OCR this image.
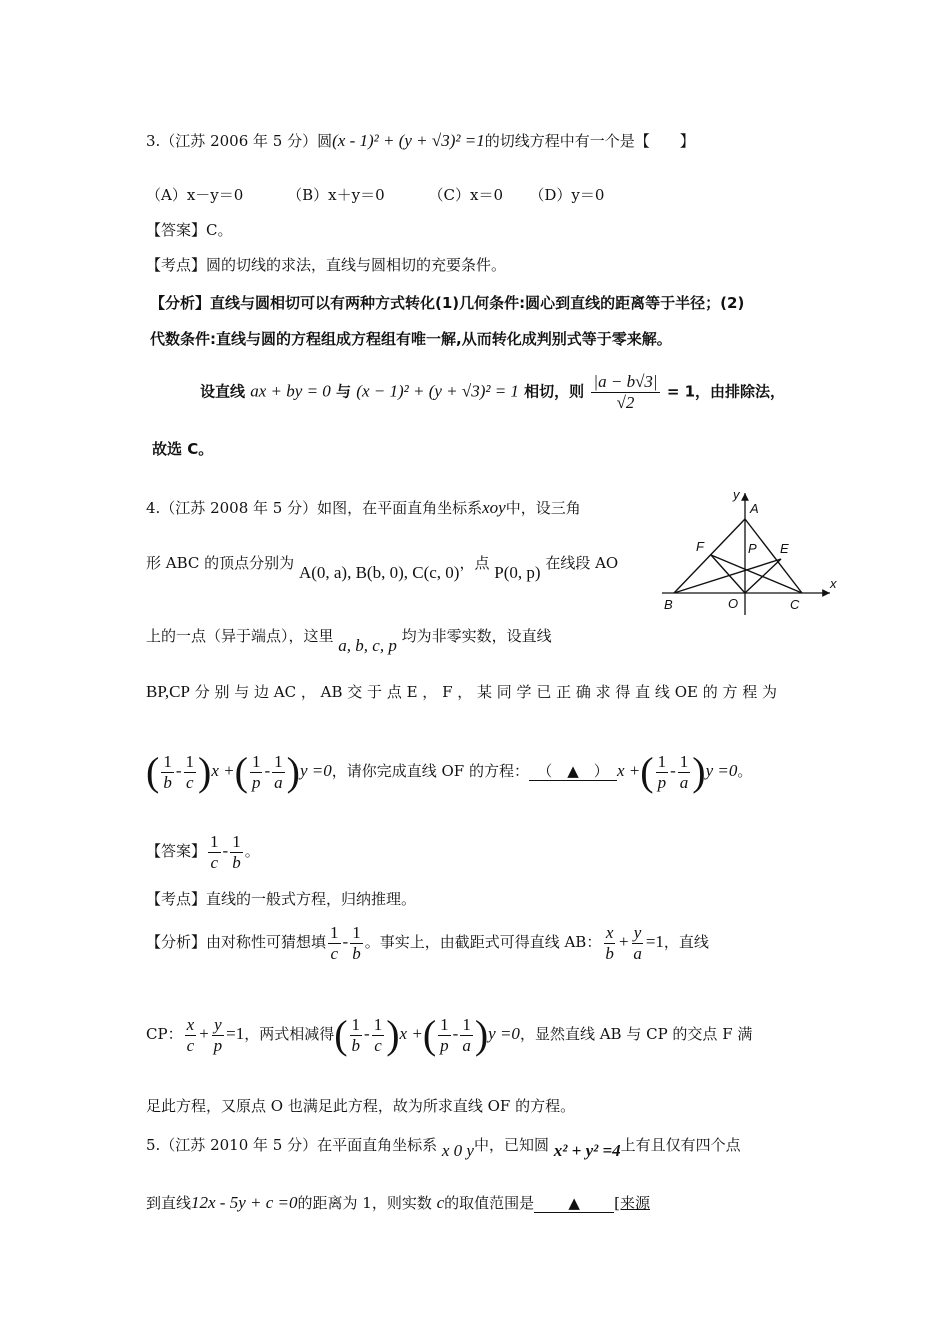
3.（江苏 2006 年 5 分）圆(x - 1)² + (y + √3)² =1的切线方程中有一个是【　　】
（A）x－y＝0	（B）x＋y＝0	（C）x＝0 （D）y＝0
【答案】C。
【考点】圆的切线的求法，直线与圆相切的充要条件。
【分析】直线与圆相切可以有两种方式转化(1)几何条件:圆心到直线的距离等于半径；(2)
代数条件:直线与圆的方程组成方程组有唯一解,从而转化成判别式等于零来解。
设直线 ax + by = 0 与 (x − 1)² + (y + √3)² = 1 相切，则 $\frac{|a - b√3|}{√2} = 1$，由排除法，
故选 C。
4.（江苏 2008 年 5 分）如图，在平面直角坐标系xoy中，设三角
形 ABC 的顶点分别为 A(0, a), B(b, 0), C(c, 0)，点 P(0, p) 在线段 AO
上的一点（异于端点），这里 a, b, c, p 均为非零实数，设直线
BP,CP 分 别 与 边 AC ， AB 交 于 点 E ， F ， 某 同 学 已 正 确 求 得 直 线 OE 的 方 程 为
( $\frac{1}{b} - \frac{1}{c} )x$ +( $\frac{1}{p} - \frac{1}{a} )y =0$，请你完成直线 OF 的方程： （　▲　） x +( $\frac{1}{p} - \frac{1}{a} )y =0$。
【答案】 $\frac{1}{c} - \frac{1}{b}$ 。
【考点】直线的一般式方程，归纳推理。
【分析】由对称性可猜想填 $\frac{1}{c} - \frac{1}{b}$ 。事实上，由截距式可得直线 AB： $\frac{x}{b} + \frac{y}{a} =1$，直线
CP： $\frac{x}{c} + \frac{y}{p} =1$，两式相减得( $\frac{1}{b} - \frac{1}{c} )x$ +( $\frac{1}{p} - \frac{1}{a} )y =0$，显然直线 AB 与 CP 的交点 F 满
足此方程，又原点 O 也满足此方程，故为所求直线 OF 的方程。
y
x
A
B	C
F	E
P
O
5.（江苏 2010 年 5 分）在平面直角坐标系 x 0 y中，已知圆 x² + y² =4上有且仅有四个点
到直线12x - 5y + c =0的距离为 1，则实数 c的取值范围是 ▲ [来源
